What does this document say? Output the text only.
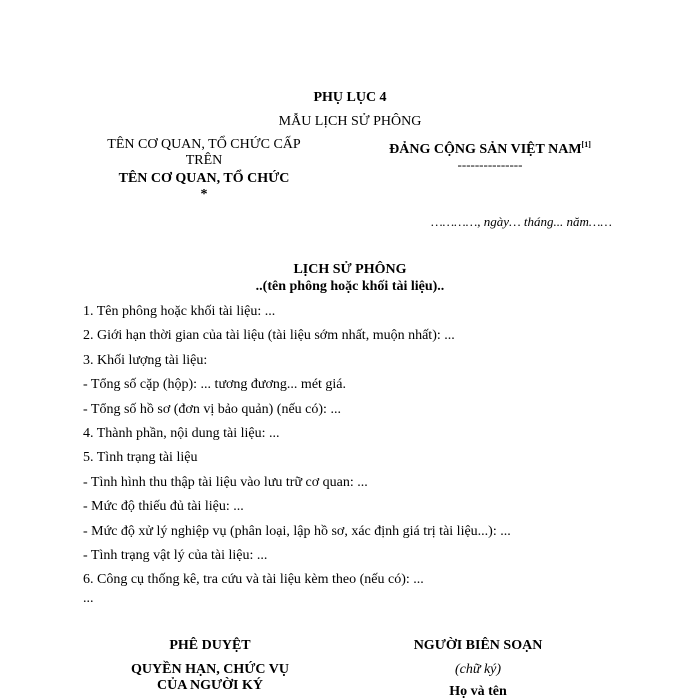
PHỤ LỤC 4
MẪU LỊCH SỬ PHÔNG
TÊN CƠ QUAN, TỔ CHỨC CẤP
TRÊN
TÊN CƠ QUAN, TỔ CHỨC
*
ĐẢNG CỘNG SẢN VIỆT NAM[1]
---------------
…………, ngày… tháng... năm……
LỊCH SỬ PHÔNG
..(tên phông hoặc khối tài liệu)..
1. Tên phông hoặc khối tài liệu: ...
2. Giới hạn thời gian của tài liệu (tài liệu sớm nhất, muộn nhất): ...
3. Khối lượng tài liệu:
- Tổng số cặp (hộp): ... tương đương... mét giá.
- Tổng số hồ sơ (đơn vị bảo quản) (nếu có): ...
4. Thành phần, nội dung tài liệu: ...
5. Tình trạng tài liệu
- Tình hình thu thập tài liệu vào lưu trữ cơ quan: ...
- Mức độ thiếu đủ tài liệu: ...
- Mức độ xử lý nghiệp vụ (phân loại, lập hồ sơ, xác định giá trị tài liệu...): ...
- Tình trạng vật lý của tài liệu: ...
6. Công cụ thống kê, tra cứu và tài liệu kèm theo (nếu có): ...
...
PHÊ DUYỆT
QUYỀN HẠN, CHỨC VỤ
CỦA NGƯỜI KÝ
NGƯỜI BIÊN SOẠN
(chữ ký)
Họ và tên
